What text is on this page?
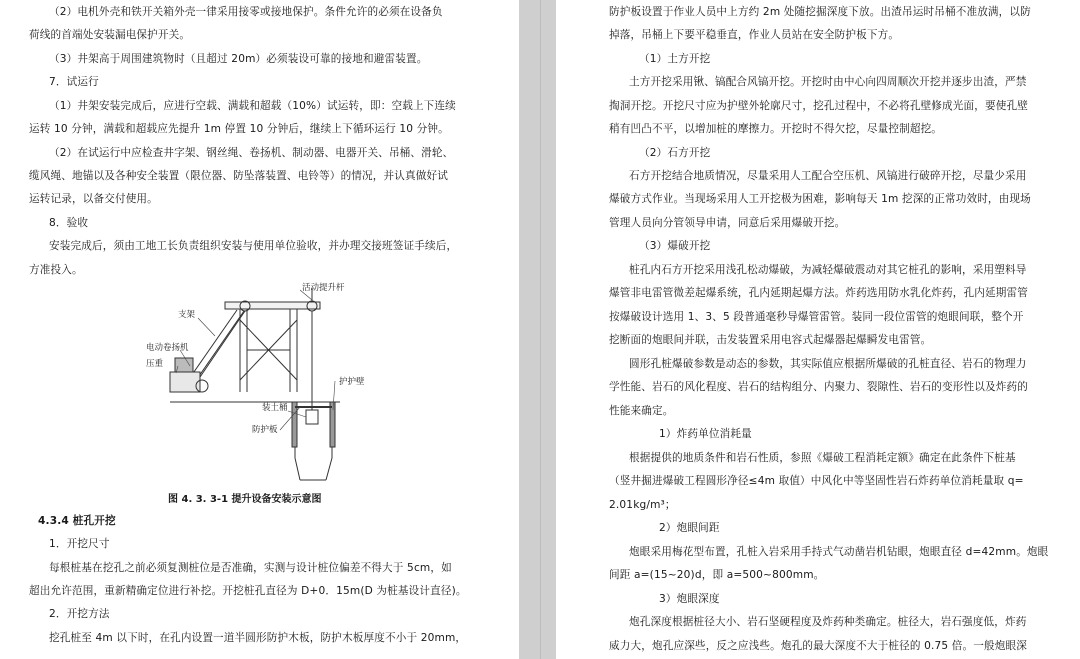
（2）电机外壳和铁开关箱外壳一律采用接零或接地保护。条件允许的必须在设备负
荷线的首端处安装漏电保护开关。
（3）井架高于周围建筑物时（且超过 20m）必须装设可靠的接地和避雷装置。
7．试运行
（1）井架安装完成后，应进行空载、满载和超载（10%）试运转，即：空载上下连续
运转 10 分钟，满载和超载应先提升 1m 停置 10 分钟后，继续上下循环运行 10 分钟。
（2）在试运行中应检查井字架、钢丝绳、卷扬机、制动器、电器开关、吊桶、滑轮、
缆风绳、地锚以及各种安全装置（限位器、防坠落装置、电铃等）的情况，并认真做好试
运转记录，以备交付使用。
8．验收
安装完成后，须由工地工长负责组织安装与使用单位验收，并办理交接班签证手续后，
方准投入。
活动提升杆
支架
电动卷扬机
压重
护护壁
装土桶
防护板
图 4. 3. 3-1 提升设备安装示意图
4.3.4 桩孔开挖
1．开挖尺寸
每根桩基在挖孔之前必须复测桩位是否准确，实测与设计桩位偏差不得大于 5cm，如
超出允许范围，重新精确定位进行补挖。开挖桩孔直径为 D+0．15m(D 为桩基设计直径)。
2．开挖方法
挖孔桩至 4m 以下时，在孔内设置一道半圆形防护木板，防护木板厚度不小于 20mm，
防护板设置于作业人员中上方约 2m 处随挖掘深度下放。出渣吊运时吊桶不准放满，以防
掉落，吊桶上下要平稳垂直，作业人员站在安全防护板下方。
（1）土方开挖
土方开挖采用锹、镐配合风镐开挖。开挖时由中心向四周顺次开挖并逐步出渣，严禁
掏洞开挖。开挖尺寸应为护壁外轮廓尺寸，挖孔过程中，不必将孔壁修成光面，要使孔壁
稍有凹凸不平，以增加桩的摩擦力。开挖时不得欠挖，尽量控制超挖。
（2）石方开挖
石方开挖结合地质情况，尽量采用人工配合空压机、风镐进行破碎开挖，尽量少采用
爆破方式作业。当现场采用人工开挖极为困难，影响每天 1m 挖深的正常功效时，由现场
管理人员向分管领导申请，同意后采用爆破开挖。
（3）爆破开挖
桩孔内石方开挖采用浅孔松动爆破，为减轻爆破震动对其它桩孔的影响，采用塑料导
爆管非电雷管微差起爆系统，孔内延期起爆方法。炸药选用防水乳化炸药，孔内延期雷管
按爆破设计选用 1、3、5 段普通毫秒导爆管雷管。装同一段位雷管的炮眼间联，整个开
挖断面的炮眼间并联，击发装置采用电容式起爆器起爆瞬发电雷管。
圆形孔桩爆破参数是动态的参数，其实际值应根据所爆破的孔桩直径、岩石的物理力
学性能、岩石的风化程度、岩石的结构组分、内聚力、裂隙性、岩石的变形性以及炸药的
性能来确定。
1）炸药单位消耗量
根据提供的地质条件和岩石性质，参照《爆破工程消耗定额》确定在此条件下桩基
（竖井掘进爆破工程圆形净径≤4m 取值）中风化中等坚固性岩石炸药单位消耗量取 q=
2.01kg/m³；
2）炮眼间距
炮眼采用梅花型布置，孔桩入岩采用手持式气动凿岩机钻眼，炮眼直径 d=42mm。炮眼
间距 a=(15~20)d，即 a=500~800mm。
3）炮眼深度
炮孔深度根据桩径大小、岩石坚硬程度及炸药种类确定。桩径大，岩石强度低，炸药
威力大，炮孔应深些，反之应浅些。炮孔的最大深度不大于桩径的 0.75 倍。一般炮眼深
